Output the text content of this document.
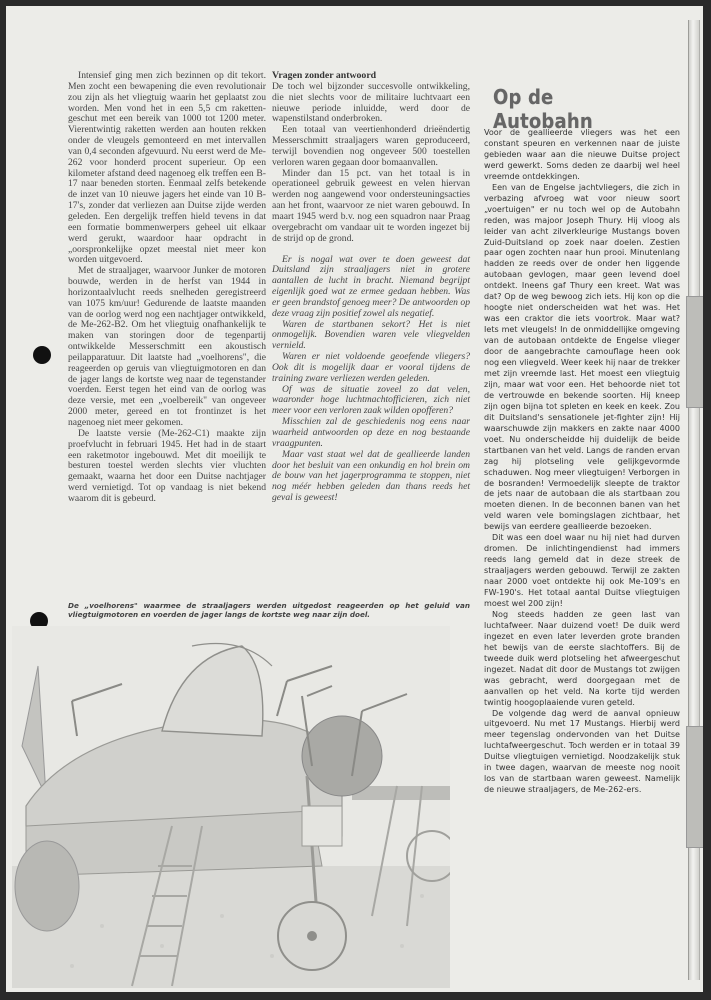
Intensief ging men zich bezinnen op dit tekort. Men zocht een bewapening die even revolutionair zou zijn als het vliegtuig waarin het geplaatst zou worden. Men vond het in een 5,5 cm raketten-geschut met een bereik van 1000 tot 1200 meter. Vierentwintig raketten werden aan houten rekken onder de vleugels gemonteerd en met intervallen van 0,4 seconden afgevuurd. Nu eerst werd de Me-262 voor honderd procent superieur. Op een kilometer afstand deed nagenoeg elk treffen een B-17 naar beneden storten. Eenmaal zelfs betekende de inzet van 10 nieuwe jagers het einde van 10 B-17's, zonder dat verliezen aan Duitse zijde werden geleden. Een dergelijk treffen hield tevens in dat een formatie bommenwerpers geheel uit elkaar werd gerukt, waardoor haar opdracht in „oorspronkelijke opzet meestal niet meer kon worden uitgevoerd.

Met de straaljager, waarvoor Junker de motoren bouwde, werden in de herfst van 1944 in horizontaalvlucht reeds snelheden geregistreerd van 1075 km/uur! Gedurende de laatste maanden van de oorlog werd nog een nachtjager ontwikkeld, de Me-262-B2. Om het vliegtuig onafhankelijk te maken van storingen door de tegenpartij ontwikkelde Messerschmitt een akoustisch peilapparatuur. Dit laatste had „voelhorens", die reageerden op geruis van vliegtuigmotoren en dan de jager langs de kortste weg naar de tegenstander voerden. Eerst tegen het eind van de oorlog was deze versie, met een „voelbereik" van ongeveer 2000 meter, gereed en tot frontinzet is het nagenoeg niet meer gekomen.

De laatste versie (Me-262-C1) maakte zijn proefvlucht in februari 1945. Het had in de staart een raketmotor ingebouwd. Met dit moeilijk te besturen toestel werden slechts vier vluchten gemaakt, waarna het door een Duitse nachtjager werd vernietigd. Tot op vandaag is niet bekend waarom dit is gebeurd.

Vragen zonder antwoord

De toch wel bijzonder succesvolle ontwikkeling, die niet slechts voor de militaire luchtvaart een nieuwe periode inluidde, werd door de wapenstilstand onderbroken.

Een totaal van veertienhonderd drieëndertig Messerschmitt straaljagers waren geproduceerd, terwijl bovendien nog ongeveer 500 toestellen verloren waren gegaan door bomaanvallen.

Minder dan 15 pct. van het totaal is in operationeel gebruik geweest en velen hiervan werden nog aangewend voor ondersteuningsacties aan het front, waarvoor ze niet waren gebouwd. In maart 1945 werd b.v. nog een squadron naar Praag overgebracht om vandaar uit te worden ingezet bij de strijd op de grond.

Er is nogal wat over te doen geweest dat Duitsland zijn straaljagers niet in grotere aantallen de lucht in bracht. Niemand begrijpt eigenlijk goed wat ze ermee gedaan hebben. Was er geen brandstof genoeg meer? De antwoorden op deze vraag zijn positief zowel als negatief.

Waren de startbanen sekort? Het is niet onmogelijk. Bovendien waren vele vliegvelden vernield.

Waren er niet voldoende geoefende vliegers? Ook dit is mogelijk daar er vooral tijdens de training zware verliezen werden geleden.

Of was de situatie zoveel zo dat velen, waaronder hoge luchtmachtofficieren, zich niet meer voor een verloren zaak wilden opofferen?

Misschien zal de geschiedenis nog eens naar waarheid antwoorden op deze en nog bestaande vraagpunten.

Maar vast staat wel dat de geallieerde landen door het besluit van een onkundig en hol brein om de bouw van het jagerprogramma te stoppen, niet nog méér hebben geleden dan thans reeds het geval is geweest!

Op de Autobahn

Voor de geallieerde vliegers was het een constant speuren en verkennen naar de juiste gebieden waar aan die nieuwe Duitse project werd gewerkt. Soms deden ze daarbij wel heel vreemde ontdekkingen.

Een van de Engelse jachtvliegers, die zich in verbazing afvroeg wat voor nieuw soort „voertuigen" er nu toch wel op de Autobahn reden, was majoor Joseph Thury. Hij vloog als leider van acht zilverkleurige Mustangs boven Zuid-Duitsland op zoek naar doelen. Zestien paar ogen zochten naar hun prooi. Minutenlang hadden ze reeds over de onder hen liggende autobaan gevlogen, maar geen levend doel ontdekt. Ineens gaf Thury een kreet. Wat was dat? Op de weg bewoog zich iets. Hij kon op die hoogte niet onderscheiden wat het was. Het was een craktor die iets voortrok. Maar wat? Iets met vleugels! In de onmiddellijke omgeving van de autobaan ontdekte de Engelse vlieger door de aangebrachte camouflage heen ook nog een vliegveld. Weer keek hij naar de trekker met zijn vreemde last. Het moest een vliegtuig zijn, maar wat voor een. Het behoorde niet tot de vertrouwde en bekende soorten. Hij kneep zijn ogen bijna tot spleten en keek en keek. Zou dit Duitsland's sensationele jet-fighter zijn! Hij waarschuwde zijn makkers en zakte naar 4000 voet. Nu onderscheidde hij duidelijk de beide startbanen van het veld. Langs de randen ervan zag hij plotseling vele gelijkgevormde schaduwen. Nog meer vliegtuigen! Verborgen in de bosranden! Vermoedelijk sleepte de traktor de jets naar de autobaan die als startbaan zou moeten dienen. In de beconnen banen van het veld waren vele bomingslagen zichtbaar, het bewijs van eerdere geallieerde bezoeken.

Dit was een doel waar nu hij niet had durven dromen. De inlichtingendienst had immers reeds lang gemeld dat in deze streek de straaljagers werden gebouwd. Terwijl ze zakten naar 2000 voet ontdekte hij ook Me-109's en FW-190's. Het totaal aantal Duitse vliegtuigen moest wel 200 zijn!

Nog steeds hadden ze geen last van luchtafweer. Naar duizend voet! De duik werd ingezet en even later leverden grote branden het bewijs van de eerste slachtoffers. Bij de tweede duik werd plotseling het afweergeschut ingezet. Nadat dit door de Mustangs tot zwijgen was gebracht, werd doorgegaan met de aanvallen op het veld. Na korte tijd werden twintig hoogoplaaiende vuren geteld.

De volgende dag werd de aanval opnieuw uitgevoerd. Nu met 17 Mustangs. Hierbij werd meer tegenslag ondervonden van het Duitse luchtafweergeschut. Toch werden er in totaal 39 Duitse vliegtuigen vernietigd. Noodzakelijk stuk in twee dagen, waarvan de meeste nog nooit los van de startbaan waren geweest. Namelijk de nieuwe straaljagers, de Me-262-ers.

De „voelhorens" waarmee de straaljagers werden uitgedost reageerden op het geluid van vliegtuigmotoren en voerden de jager langs de kortste weg naar zijn doel.
